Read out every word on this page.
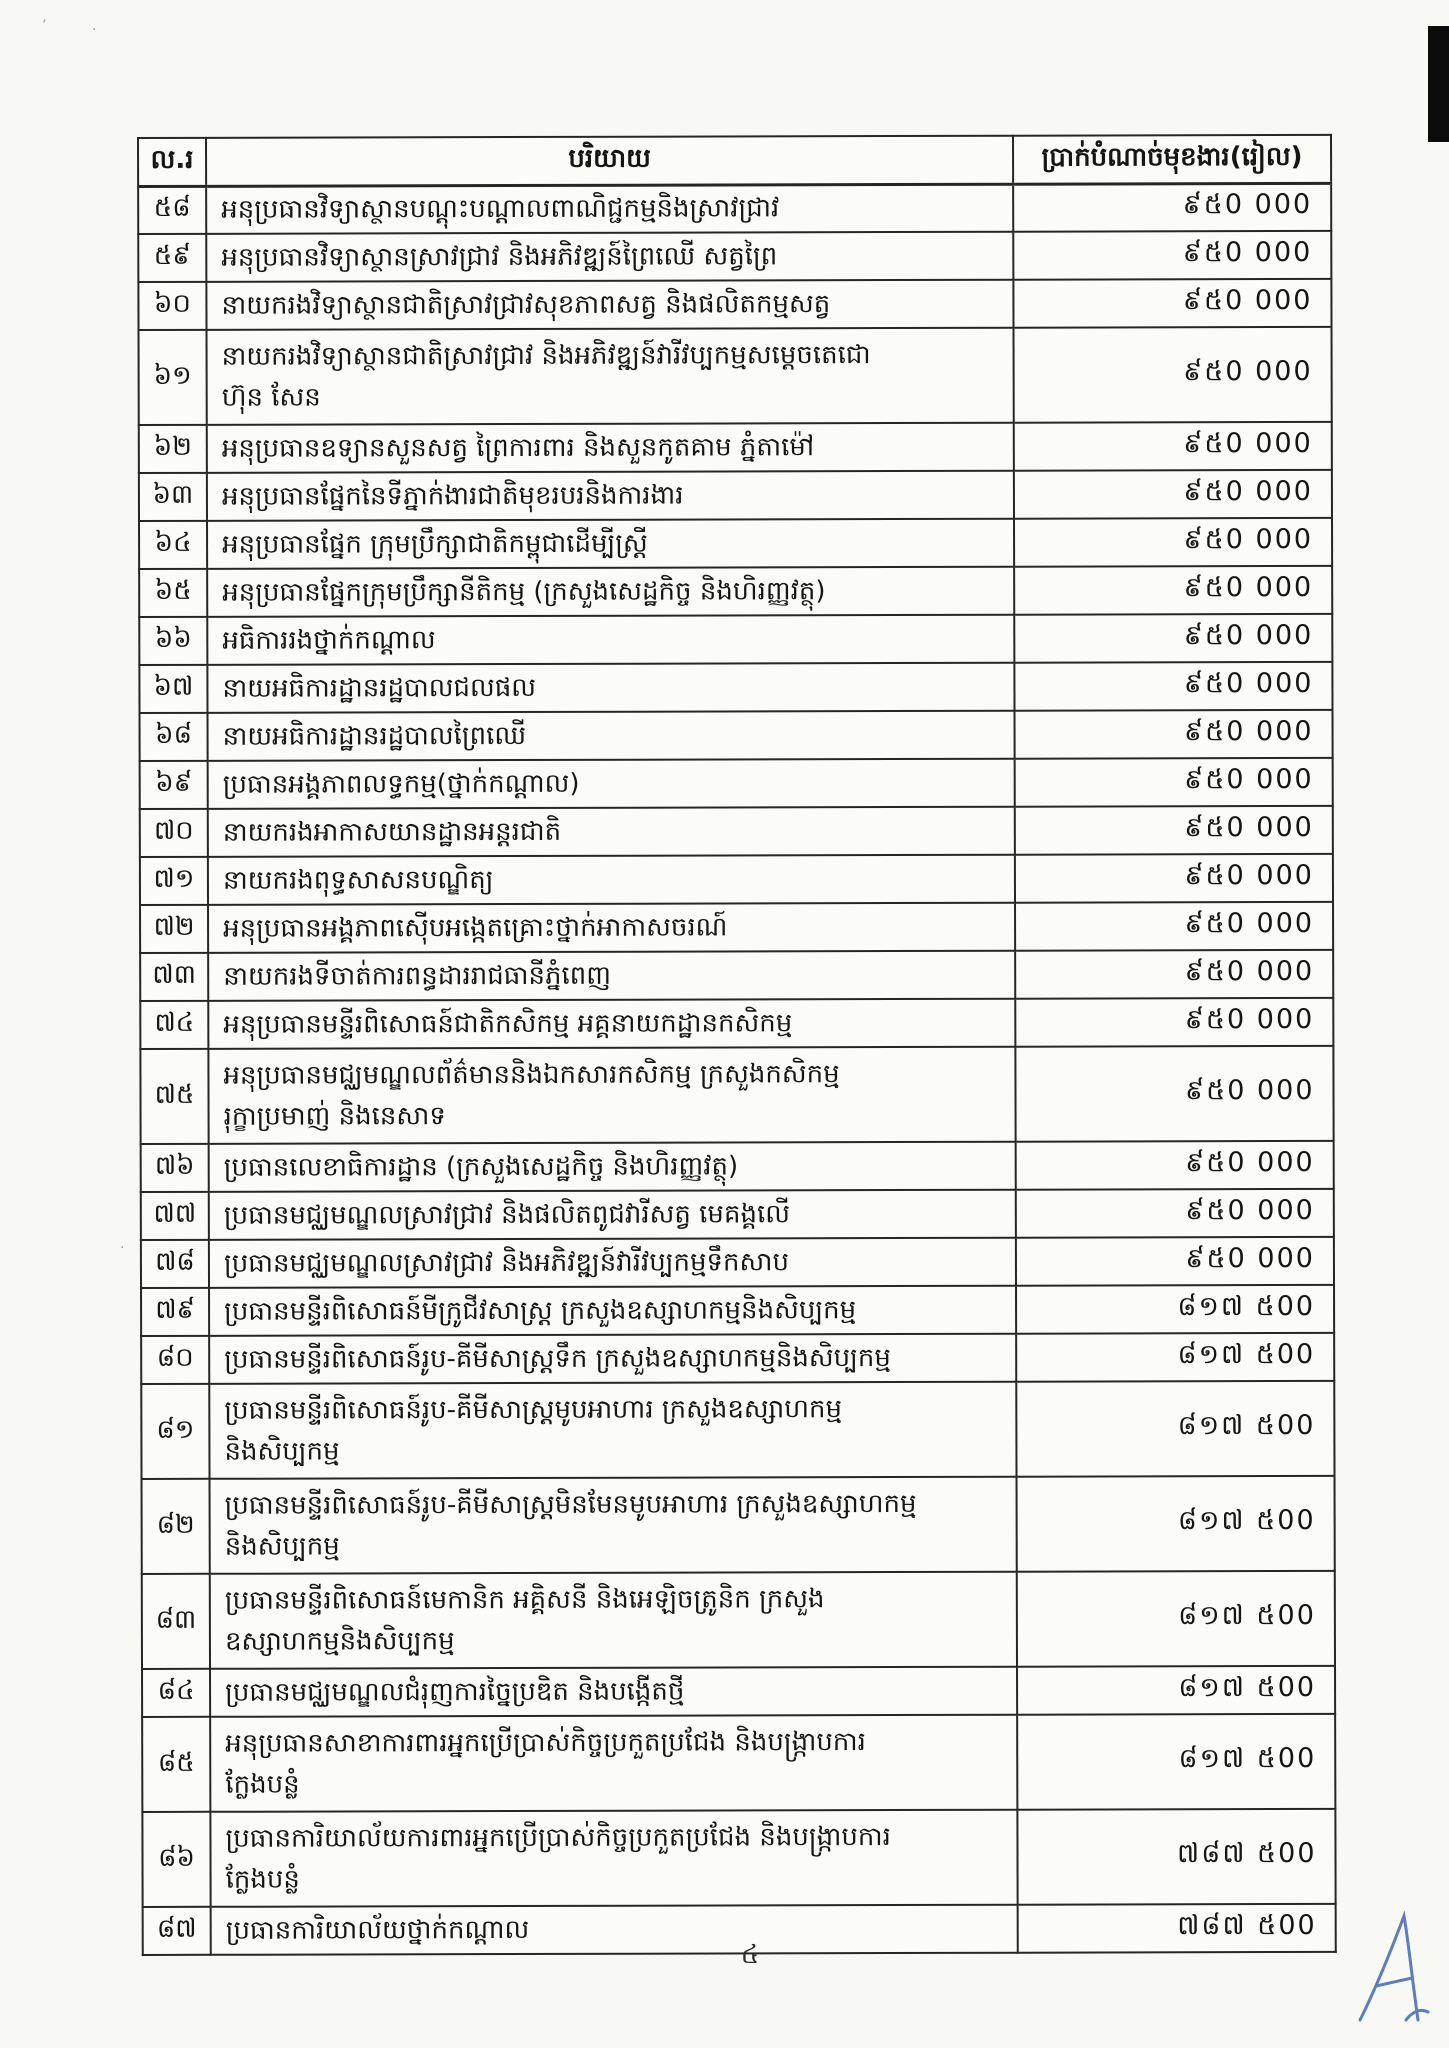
’	·
·
ល.រ	បរិយាយ	ប្រាក់បំណាច់មុខងារ(រៀល)
៥៨	អនុប្រធានវិទ្យាស្ថានបណ្ដុះបណ្ដាលពាណិជ្ជកម្មនិងស្រាវជ្រាវ	៩៥0 000
៥៩	អនុប្រធានវិទ្យាស្ថានស្រាវជ្រាវ និងអភិវឌ្ឍន៍ព្រៃឈើ សត្វព្រៃ	៩៥0 000
៦០	នាយករងវិទ្យាស្ថានជាតិស្រាវជ្រាវសុខភាពសត្វ និងផលិតកម្មសត្វ	៩៥0 000
៦១	នាយករងវិទ្យាស្ថានជាតិស្រាវជ្រាវ និងអភិវឌ្ឍន៍វារីវប្បកម្មសម្ដេចតេជោ
ហ៊ុន សែន	៩៥0 000
៦២	អនុប្រធានឧទ្យានសួនសត្វ ព្រៃការពារ និងសួនកូតគាម ភ្នំតាម៉ៅ	៩៥0 000
៦៣	អនុប្រធានផ្នែកនៃទីភ្នាក់ងារជាតិមុខរបរនិងការងារ	៩៥0 000
៦៤	អនុប្រធានផ្នែក ក្រុមប្រឹក្សាជាតិកម្ពុជាដើម្បីស្ត្រី	៩៥0 000
៦៥	អនុប្រធានផ្នែកក្រុមប្រឹក្សានីតិកម្ម (ក្រសួងសេដ្ឋកិច្ច និងហិរញ្ញវត្ថុ)	៩៥0 000
៦៦	អធិការរងថ្នាក់កណ្ដាល	៩៥0 000
៦៧	នាយអធិការដ្ឋានរដ្ឋបាលជលផល	៩៥0 000
៦៨	នាយអធិការដ្ឋានរដ្ឋបាលព្រៃឈើ	៩៥0 000
៦៩	ប្រធានអង្គភាពលទ្ធកម្ម(ថ្នាក់កណ្ដាល)	៩៥0 000
៧០	នាយករងអាកាសយានដ្ឋានអន្តរជាតិ	៩៥0 000
៧១	នាយករងពុទ្ធសាសនបណ្ឌិត្យ	៩៥0 000
៧២	អនុប្រធានអង្គភាពស៊ើបអង្កេតគ្រោះថ្នាក់អាកាសចរណ៍	៩៥0 000
៧៣	នាយករងទីចាត់ការពន្ធដាររាជធានីភ្នំពេញ	៩៥0 000
៧៤	អនុប្រធានមន្ទីរពិសោធន៍ជាតិកសិកម្ម អគ្គនាយកដ្ឋានកសិកម្ម	៩៥0 000
៧៥	អនុប្រធានមជ្ឈមណ្ឌលព័ត៌មាននិងឯកសារកសិកម្ម ក្រសួងកសិកម្ម
រុក្ខាប្រមាញ់ និងនេសាទ	៩៥0 000
៧៦	ប្រធានលេខាធិការដ្ឋាន (ក្រសួងសេដ្ឋកិច្ច និងហិរញ្ញវត្ថុ)	៩៥0 000
៧៧	ប្រធានមជ្ឈមណ្ឌលស្រាវជ្រាវ និងផលិតពូជវារីសត្វ មេគង្គលើ	៩៥0 000
៧៨	ប្រធានមជ្ឈមណ្ឌលស្រាវជ្រាវ និងអភិវឌ្ឍន៍វារីវប្បកម្មទឹកសាប	៩៥0 000
៧៩	ប្រធានមន្ទីរពិសោធន៍មីក្រូជីវសាស្ត្រ ក្រសួងឧស្សាហកម្មនិងសិប្បកម្ម	៨១៧ ៥00
៨០	ប្រធានមន្ទីរពិសោធន៍រូប-គីមីសាស្ត្រទឹក ក្រសួងឧស្សាហកម្មនិងសិប្បកម្ម	៨១៧ ៥00
៨១	ប្រធានមន្ទីរពិសោធន៍រូប-គីមីសាស្ត្រមូបអាហារ ក្រសួងឧស្សាហកម្ម
និងសិប្បកម្ម	៨១៧ ៥00
៨២	ប្រធានមន្ទីរពិសោធន៍រូប-គីមីសាស្ត្រមិនមែនមូបអាហារ ក្រសួងឧស្សាហកម្ម
និងសិប្បកម្ម	៨១៧ ៥00
៨៣	ប្រធានមន្ទីរពិសោធន៍មេកានិក អគ្គិសនី និងអេឡិចត្រូនិក ក្រសួង
ឧស្សាហកម្មនិងសិប្បកម្ម	៨១៧ ៥00
៨៤	ប្រធានមជ្ឈមណ្ឌលជំរុញការច្នៃប្រឌិត និងបង្កើតថ្មី	៨១៧ ៥00
៨៥	អនុប្រធានសាខាការពារអ្នកប្រើប្រាស់កិច្ចប្រកួតប្រជែង និងបង្ក្រាបការ
ក្លែងបន្លំ	៨១៧ ៥00
៨៦	ប្រធានការិយាល័យការពារអ្នកប្រើប្រាស់កិច្ចប្រកួតប្រជែង និងបង្ក្រាបការ
ក្លែងបន្លំ	៧៨៧ ៥00
៨៧	ប្រធានការិយាល័យថ្នាក់កណ្ដាល	៧៨៧ ៥00
៤
